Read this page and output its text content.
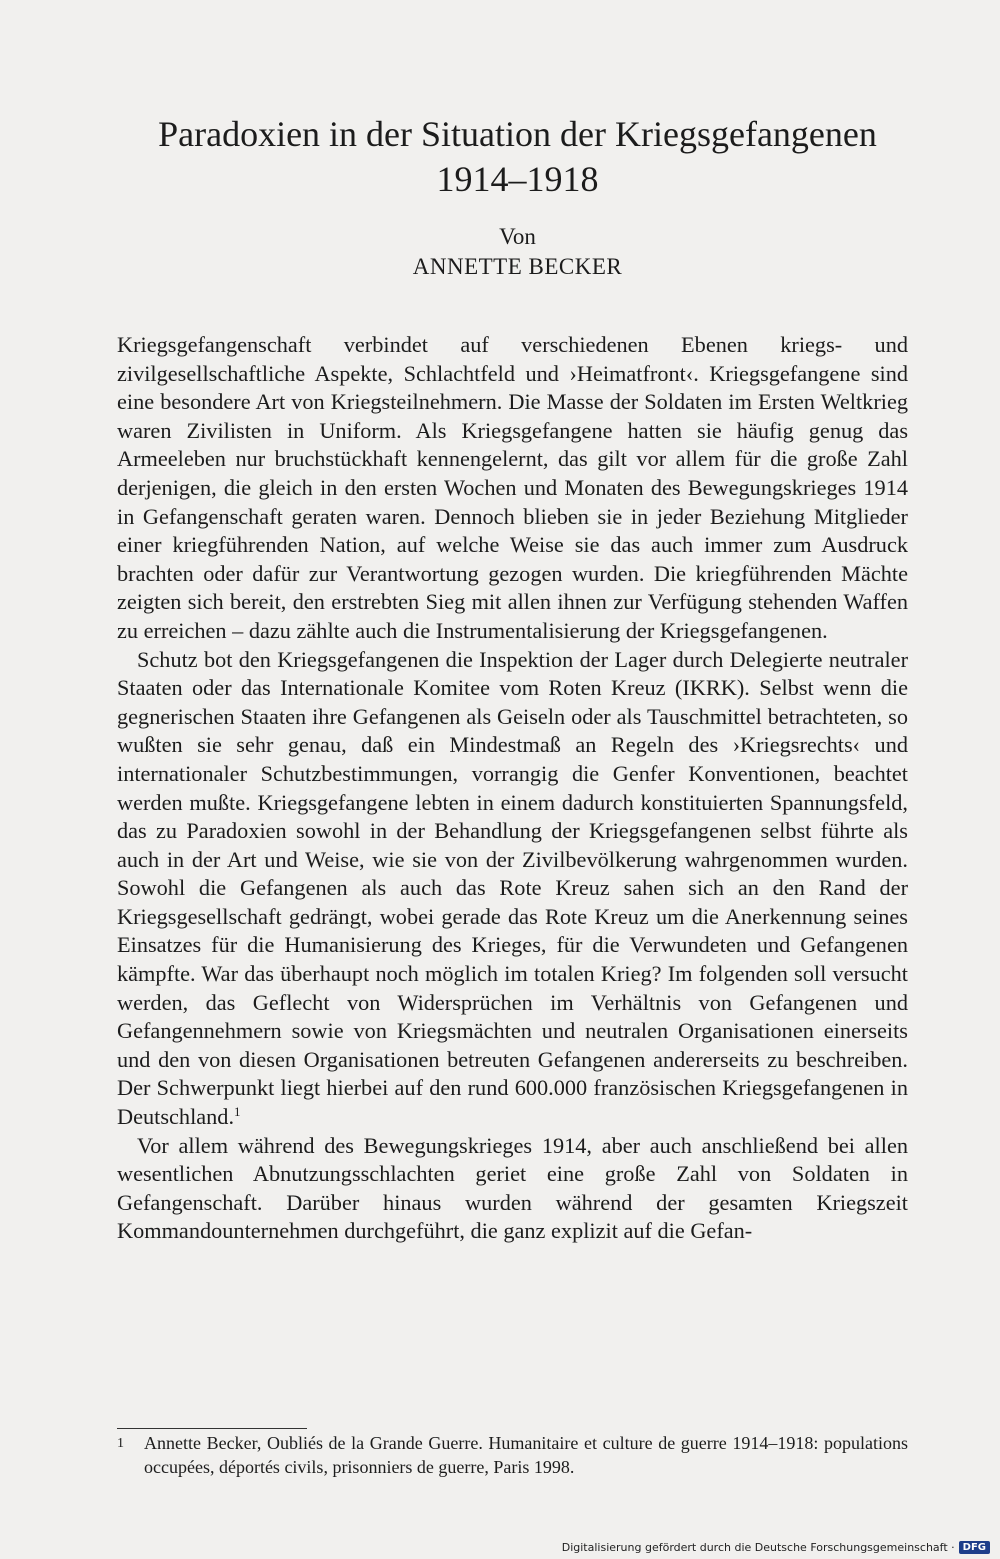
Paradoxien in der Situation der Kriegsgefangenen
1914–1918
Von
ANNETTE BECKER

Kriegsgefangenschaft verbindet auf verschiedenen Ebenen kriegs- und zivilgesellschaftliche Aspekte, Schlachtfeld und ›Heimatfront‹. Kriegsgefangene sind eine besondere Art von Kriegsteilnehmern. Die Masse der Soldaten im Ersten Weltkrieg waren Zivilisten in Uniform. Als Kriegsgefangene hatten sie häufig genug das Armeeleben nur bruchstückhaft kennengelernt, das gilt vor allem für die große Zahl derjenigen, die gleich in den ersten Wochen und Monaten des Bewegungskrieges 1914 in Gefangenschaft geraten waren. Dennoch blieben sie in jeder Beziehung Mitglieder einer kriegführenden Nation, auf welche Weise sie das auch immer zum Ausdruck brachten oder dafür zur Verantwortung gezogen wurden. Die kriegführenden Mächte zeigten sich bereit, den erstrebten Sieg mit allen ihnen zur Verfügung stehenden Waffen zu erreichen – dazu zählte auch die Instrumentalisierung der Kriegsgefangenen.

Schutz bot den Kriegsgefangenen die Inspektion der Lager durch Delegierte neutraler Staaten oder das Internationale Komitee vom Roten Kreuz (IKRK). Selbst wenn die gegnerischen Staaten ihre Gefangenen als Geiseln oder als Tauschmittel betrachteten, so wußten sie sehr genau, daß ein Mindestmaß an Regeln des ›Kriegsrechts‹ und internationaler Schutzbestimmungen, vorrangig die Genfer Konventionen, beachtet werden mußte. Kriegsgefangene lebten in einem dadurch konstituierten Spannungsfeld, das zu Paradoxien sowohl in der Behandlung der Kriegsgefangenen selbst führte als auch in der Art und Weise, wie sie von der Zivilbevölkerung wahrgenommen wurden. Sowohl die Gefangenen als auch das Rote Kreuz sahen sich an den Rand der Kriegsgesellschaft gedrängt, wobei gerade das Rote Kreuz um die Anerkennung seines Einsatzes für die Humanisierung des Krieges, für die Verwundeten und Gefangenen kämpfte. War das überhaupt noch möglich im totalen Krieg? Im folgenden soll versucht werden, das Geflecht von Widersprüchen im Verhältnis von Gefangenen und Gefangennehmern sowie von Kriegsmächten und neutralen Organisationen einerseits und den von diesen Organisationen betreuten Gefangenen andererseits zu beschreiben. Der Schwerpunkt liegt hierbei auf den rund 600.000 französischen Kriegsgefangenen in Deutschland.$^1$

Vor allem während des Bewegungskrieges 1914, aber auch anschließend bei allen wesentlichen Abnutzungsschlachten geriet eine große Zahl von Soldaten in Gefangenschaft. Darüber hinaus wurden während der gesamten Kriegszeit Kommandounternehmen durchgeführt, die ganz explizit auf die Gefan-

1 Annette Becker, Oubliés de la Grande Guerre. Humanitaire et culture de guerre 1914–1918: populations occupées, déportés civils, prisonniers de guerre, Paris 1998.
Digitalisierung gefördert durch die Deutsche Forschungsgemeinschaft · DFG
